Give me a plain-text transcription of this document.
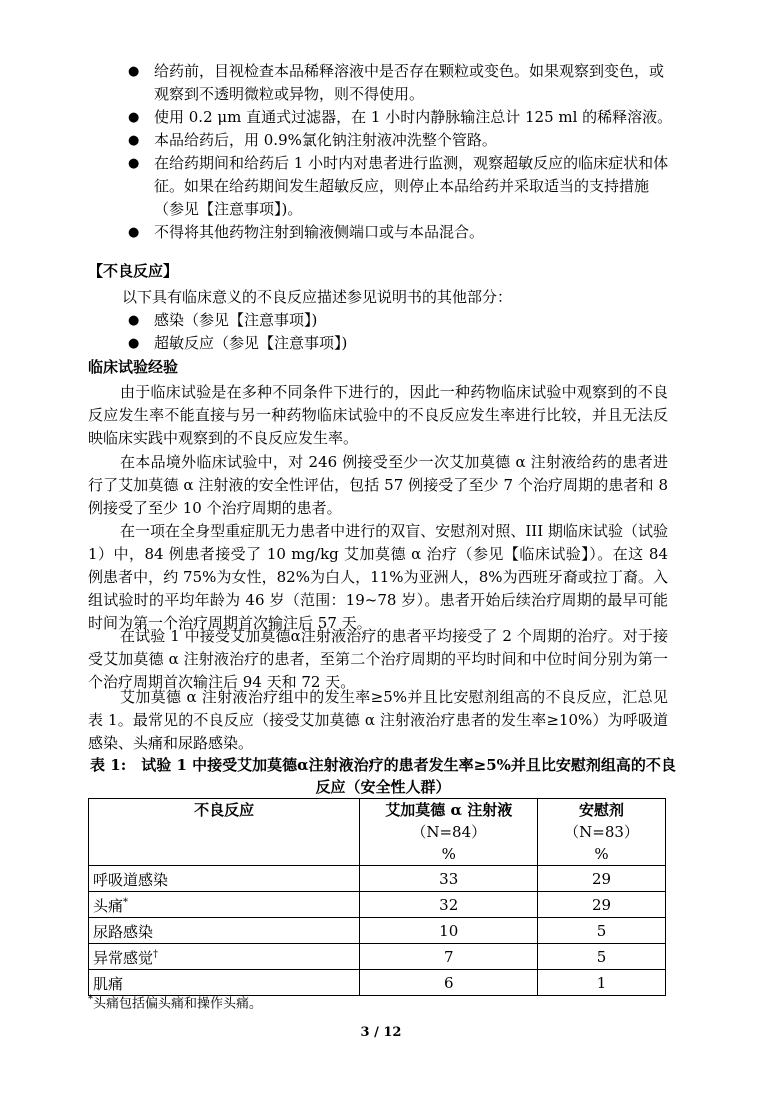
● 给药前，目视检查本品稀释溶液中是否存在颗粒或变色。如果观察到变色，或观察到不透明微粒或异物，则不得使用。
● 使用 0.2 μm 直通式过滤器，在 1 小时内静脉输注总计 125 ml 的稀释溶液。
● 本品给药后，用 0.9%氯化钠注射液冲洗整个管路。
● 在给药期间和给药后 1 小时内对患者进行监测，观察超敏反应的临床症状和体征。如果在给药期间发生超敏反应，则停止本品给药并采取适当的支持措施（参见【注意事项】)。
● 不得将其他药物注射到输液侧端口或与本品混合。
【不良反应】
以下具有临床意义的不良反应描述参见说明书的其他部分：
● 感染（参见【注意事项】)
● 超敏反应（参见【注意事项】)
临床试验经验
由于临床试验是在多种不同条件下进行的，因此一种药物临床试验中观察到的不良反应发生率不能直接与另一种药物临床试验中的不良反应发生率进行比较，并且无法反映临床实践中观察到的不良反应发生率。
在本品境外临床试验中，对 246 例接受至少一次艾加莫德 α 注射液给药的患者进行了艾加莫德 α 注射液的安全性评估，包括 57 例接受了至少 7 个治疗周期的患者和 8 例接受了至少 10 个治疗周期的患者。
在一项在全身型重症肌无力患者中进行的双盲、安慰剂对照、III 期临床试验（试验 1）中，84 例患者接受了 10 mg/kg 艾加莫德 α 治疗（参见【临床试验】）。在这 84 例患者中，约 75%为女性，82%为白人，11%为亚洲人，8%为西班牙裔或拉丁裔。入组试验时的平均年龄为 46 岁（范围：19~78 岁）。患者开始后续治疗周期的最早可能时间为第一个治疗周期首次输注后 57 天。
在试验 1 中接受艾加莫德α注射液治疗的患者平均接受了 2 个周期的治疗。对于接受艾加莫德 α 注射液治疗的患者，至第二个治疗周期的平均时间和中位时间分别为第一个治疗周期首次输注后 94 天和 72 天。
艾加莫德 α 注射液治疗组中的发生率≥5%并且比安慰剂组高的不良反应，汇总见表 1。最常见的不良反应（接受艾加莫德 α 注射液治疗患者的发生率≥10%）为呼吸道感染、头痛和尿路感染。
表 1:　试验 1 中接受艾加莫德α注射液治疗的患者发生率≥5%并且比安慰剂组高的不良反应（安全性人群）
不良反应	艾加莫德 α 注射液
（N=84）
%	安慰剂
（N=83）
%

呼吸道感染	33	29
头痛*	32	29
尿路感染	10	5
异常感觉†	7	5
肌痛	6	1
*头痛包括偏头痛和操作头痛。
3 / 12
